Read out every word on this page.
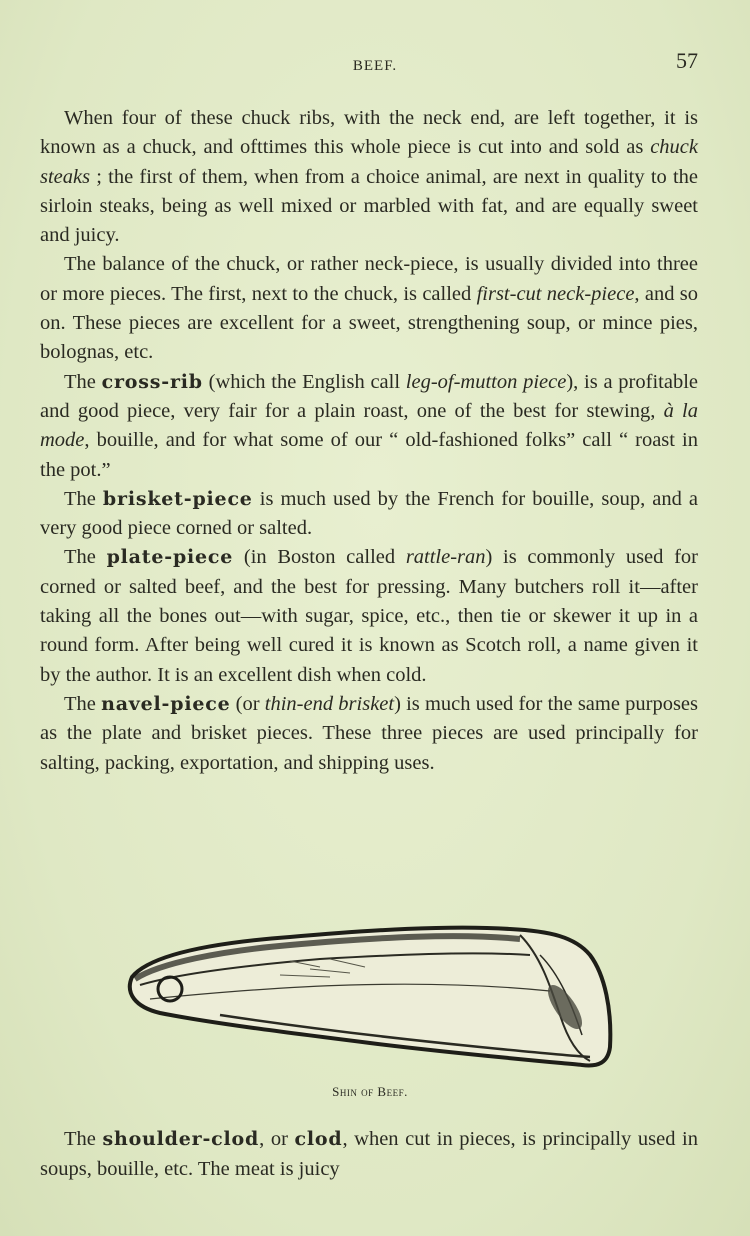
BEEF.	57

When four of these chuck ribs, with the neck end, are left together, it is known as a chuck, and ofttimes this whole piece is cut into and sold as chuck steaks ; the first of them, when from a choice animal, are next in quality to the sirloin steaks, being as well mixed or marbled with fat, and are equally sweet and juicy.

The balance of the chuck, or rather neck-piece, is usually divided into three or more pieces. The first, next to the chuck, is called first-cut neck-piece, and so on. These pieces are excellent for a sweet, strengthening soup, or mince pies, bolognas, etc.

The cross-rib (which the English call leg-of-mutton piece), is a profitable and good piece, very fair for a plain roast, one of the best for stewing, à la mode, bouille, and for what some of our “ old-fashioned folks” call “ roast in the pot.”

The brisket-piece is much used by the French for bouille, soup, and a very good piece corned or salted.

The plate-piece (in Boston called rattle-ran) is commonly used for corned or salted beef, and the best for pressing. Many butchers roll it—after taking all the bones out—with sugar, spice, etc., then tie or skewer it up in a round form. After being well cured it is known as Scotch roll, a name given it by the author. It is an excellent dish when cold.

The navel-piece (or thin-end brisket) is much used for the same purposes as the plate and brisket pieces. These three pieces are used principally for salting, packing, exportation, and shipping uses.

Shin of Beef.

The shoulder-clod, or clod, when cut in pieces, is principally used in soups, bouille, etc. The meat is juicy
